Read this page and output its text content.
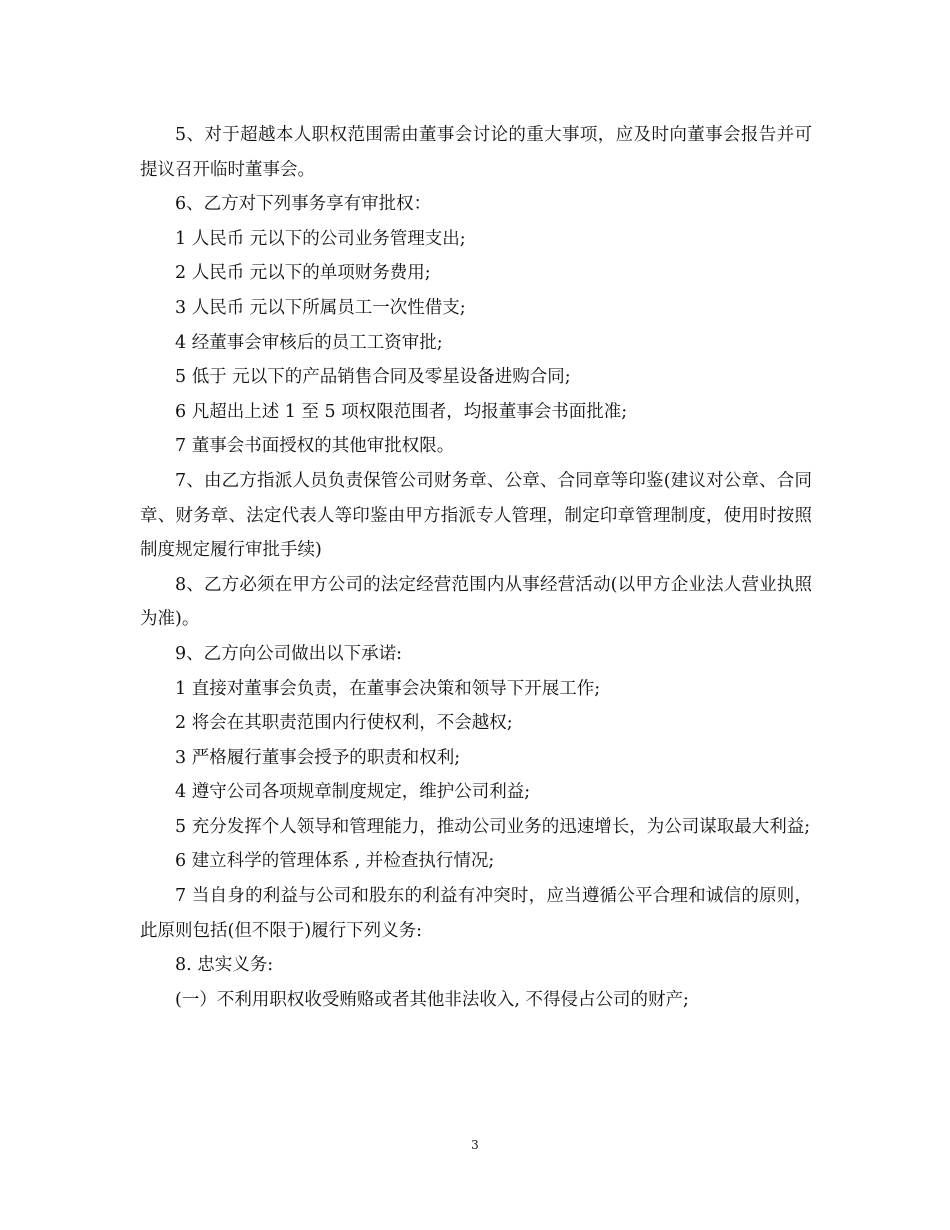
5、对于超越本人职权范围需由董事会讨论的重大事项，应及时向董事会报告并可提议召开临时董事会。

6、乙方对下列事务享有审批权：

1 人民币 元以下的公司业务管理支出;

2 人民币 元以下的单项财务费用;

3 人民币 元以下所属员工一次性借支;

4 经董事会审核后的员工工资审批;

5 低于 元以下的产品销售合同及零星设备进购合同;

6 凡超出上述 1 至 5 项权限范围者，均报董事会书面批准;

7 董事会书面授权的其他审批权限。

7、由乙方指派人员负责保管公司财务章、公章、合同章等印鉴(建议对公章、合同章、财务章、法定代表人等印鉴由甲方指派专人管理，制定印章管理制度，使用时按照制度规定履行审批手续)

8、乙方必须在甲方公司的法定经营范围内从事经营活动(以甲方企业法人营业执照为准)。

9、乙方向公司做出以下承诺:

1 直接对董事会负责，在董事会决策和领导下开展工作;

2 将会在其职责范围内行使权利，不会越权;

3 严格履行董事会授予的职责和权利;

4 遵守公司各项规章制度规定，维护公司利益;

5 充分发挥个人领导和管理能力，推动公司业务的迅速增长，为公司谋取最大利益;

6 建立科学的管理体系 , 并检查执行情况;

7 当自身的利益与公司和股东的利益有冲突时，应当遵循公平合理和诚信的原则，此原则包括(但不限于)履行下列义务:

8. 忠实义务:

(一）不利用职权收受贿赂或者其他非法收入, 不得侵占公司的财产;

3
